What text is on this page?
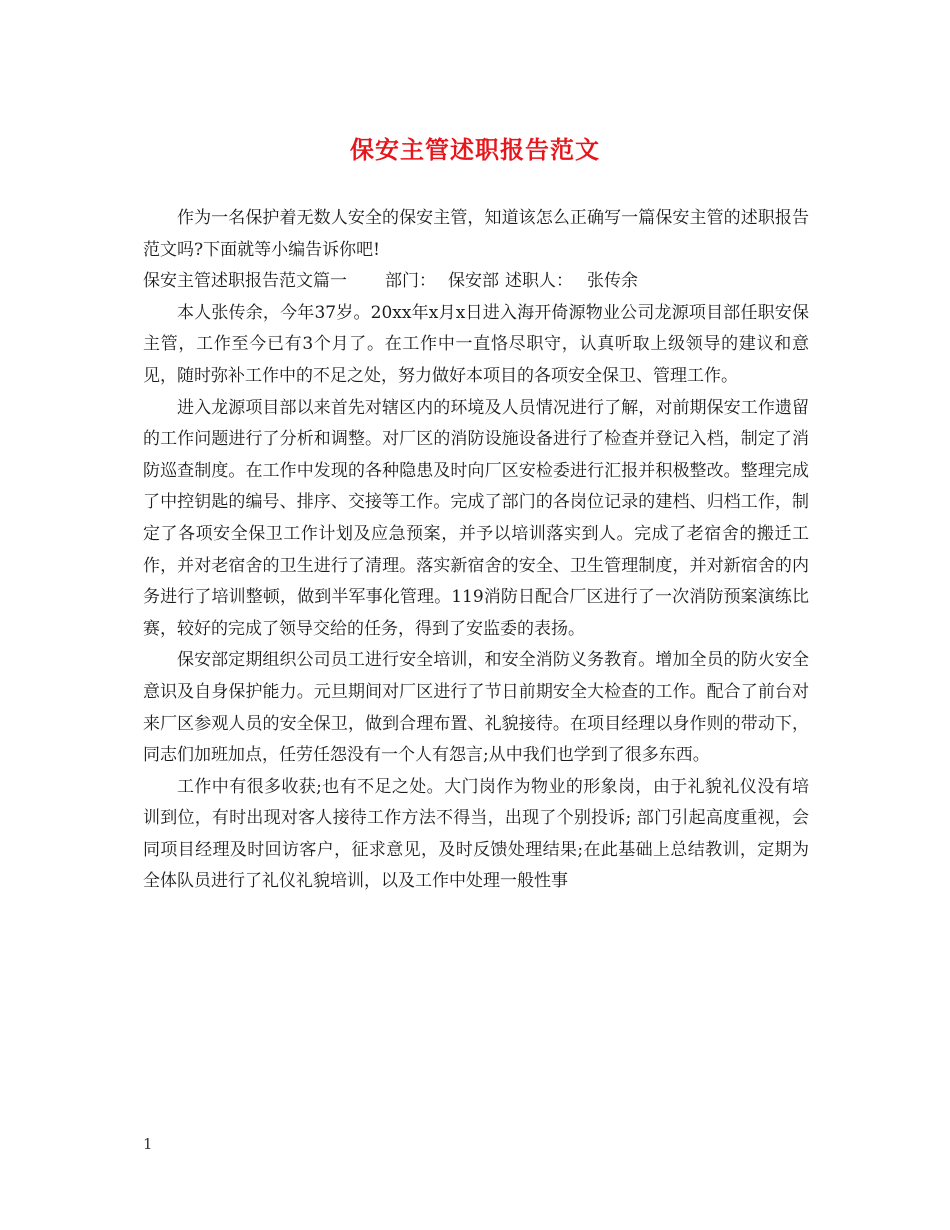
保安主管述职报告范文

作为一名保护着无数人安全的保安主管，知道该怎么正确写一篇保安主管的述职报告范文吗?下面就等小编告诉你吧!

保安主管述职报告范文篇一 部门： 保安部 述职人： 张传余

本人张传余，今年37岁。20xx年x月x日进入海开倚源物业公司龙源项目部任职安保主管，工作至今已有3个月了。在工作中一直恪尽职守，认真听取上级领导的建议和意见，随时弥补工作中的不足之处，努力做好本项目的各项安全保卫、管理工作。

进入龙源项目部以来首先对辖区内的环境及人员情况进行了解，对前期保安工作遗留的工作问题进行了分析和调整。对厂区的消防设施设备进行了检查并登记入档，制定了消防巡查制度。在工作中发现的各种隐患及时向厂区安检委进行汇报并积极整改。整理完成了中控钥匙的编号、排序、交接等工作。完成了部门的各岗位记录的建档、归档工作，制定了各项安全保卫工作计划及应急预案，并予以培训落实到人。完成了老宿舍的搬迁工作，并对老宿舍的卫生进行了清理。落实新宿舍的安全、卫生管理制度，并对新宿舍的内务进行了培训整顿，做到半军事化管理。119消防日配合厂区进行了一次消防预案演练比赛，较好的完成了领导交给的任务，得到了安监委的表扬。

保安部定期组织公司员工进行安全培训，和安全消防义务教育。增加全员的防火安全意识及自身保护能力。元旦期间对厂区进行了节日前期安全大检查的工作。配合了前台对来厂区参观人员的安全保卫，做到合理布置、礼貌接待。在项目经理以身作则的带动下，同志们加班加点，任劳任怨没有一个人有怨言;从中我们也学到了很多东西。

工作中有很多收获;也有不足之处。大门岗作为物业的形象岗，由于礼貌礼仪没有培训到位，有时出现对客人接待工作方法不得当，出现了个别投诉; 部门引起高度重视，会同项目经理及时回访客户，征求意见，及时反馈处理结果;在此基础上总结教训，定期为全体队员进行了礼仪礼貌培训，以及工作中处理一般性事

1
